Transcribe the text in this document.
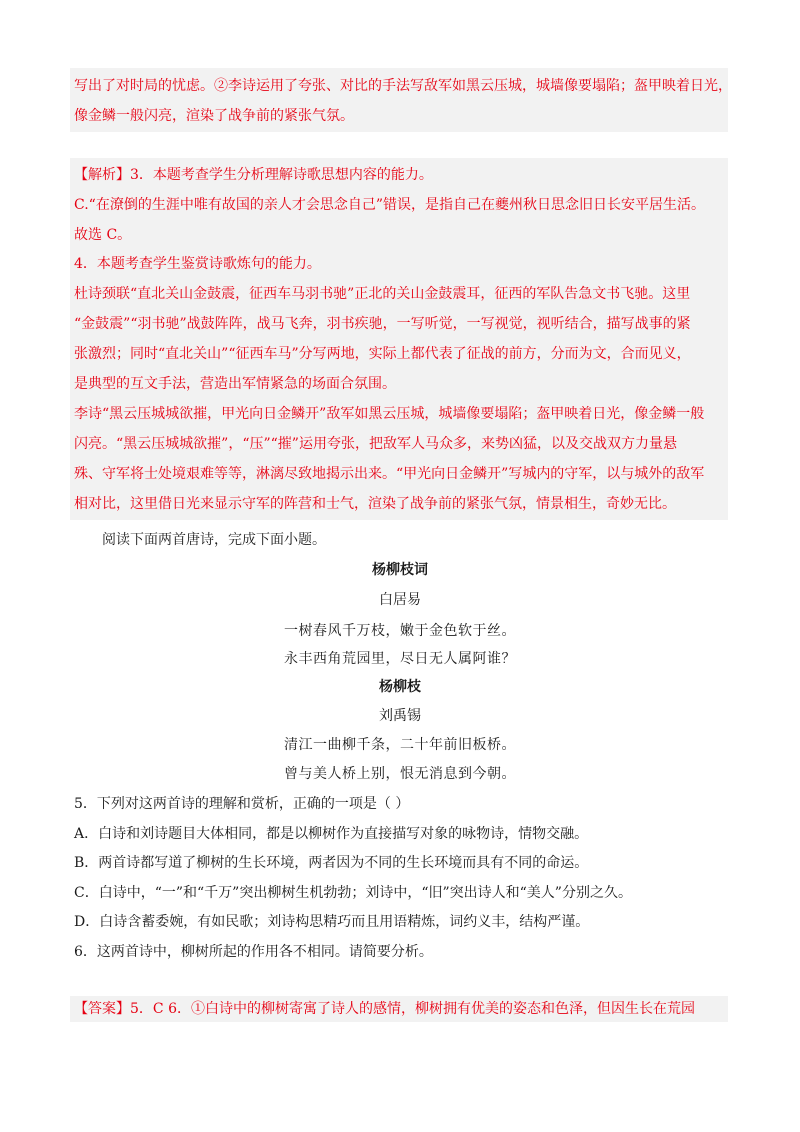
写出了对时局的忧虑。②李诗运用了夸张、对比的手法写敌军如黑云压城，城墙像要塌陷；盔甲映着日光，
像金鳞一般闪亮，渲染了战争前的紧张气氛。
【解析】3．本题考查学生分析理解诗歌思想内容的能力。
C.“在潦倒的生涯中唯有故国的亲人才会思念自己”错误，是指自己在夔州秋日思念旧日长安平居生活。
故选 C。
4．本题考查学生鉴赏诗歌炼句的能力。
杜诗颈联“直北关山金鼓震，征西车马羽书驰”正北的关山金鼓震耳，征西的军队告急文书飞驰。这里
“金鼓震”“羽书驰”战鼓阵阵，战马飞奔，羽书疾驰，一写听觉，一写视觉，视听结合，描写战事的紧
张激烈；同时“直北关山”“征西车马”分写两地，实际上都代表了征战的前方，分而为文，合而见义，
是典型的互文手法，营造出军情紧急的场面合氛围。
李诗“黑云压城城欲摧，甲光向日金鳞开”敌军如黑云压城，城墙像要塌陷；盔甲映着日光，像金鳞一般
闪亮。“黑云压城城欲摧”，“压”“摧”运用夸张，把敌军人马众多，来势凶猛，以及交战双方力量悬
殊、守军将士处境艰难等等，淋漓尽致地揭示出来。“甲光向日金鳞开”写城内的守军，以与城外的敌军
相对比，这里借日光来显示守军的阵营和士气，渲染了战争前的紧张气氛，情景相生，奇妙无比。
阅读下面两首唐诗，完成下面小题。
杨柳枝词
白居易
一树春风千万枝，嫩于金色软于丝。
永丰西角荒园里，尽日无人属阿谁？
杨柳枝
刘禹锡
清江一曲柳千条，二十年前旧板桥。
曾与美人桥上别，恨无消息到今朝。
5．下列对这两首诗的理解和赏析，正确的一项是（ ）
A．白诗和刘诗题目大体相同，都是以柳树作为直接描写对象的咏物诗，情物交融。
B．两首诗都写道了柳树的生长环境，两者因为不同的生长环境而具有不同的命运。
C．白诗中，“一”和“千万”突出柳树生机勃勃；刘诗中，“旧”突出诗人和“美人”分别之久。
D．白诗含蓄委婉，有如民歌；刘诗构思精巧而且用语精炼，词约义丰，结构严谨。
6．这两首诗中，柳树所起的作用各不相同。请简要分析。
【答案】5．C 6．①白诗中的柳树寄寓了诗人的感情，柳树拥有优美的姿态和色泽，但因生长在荒园
